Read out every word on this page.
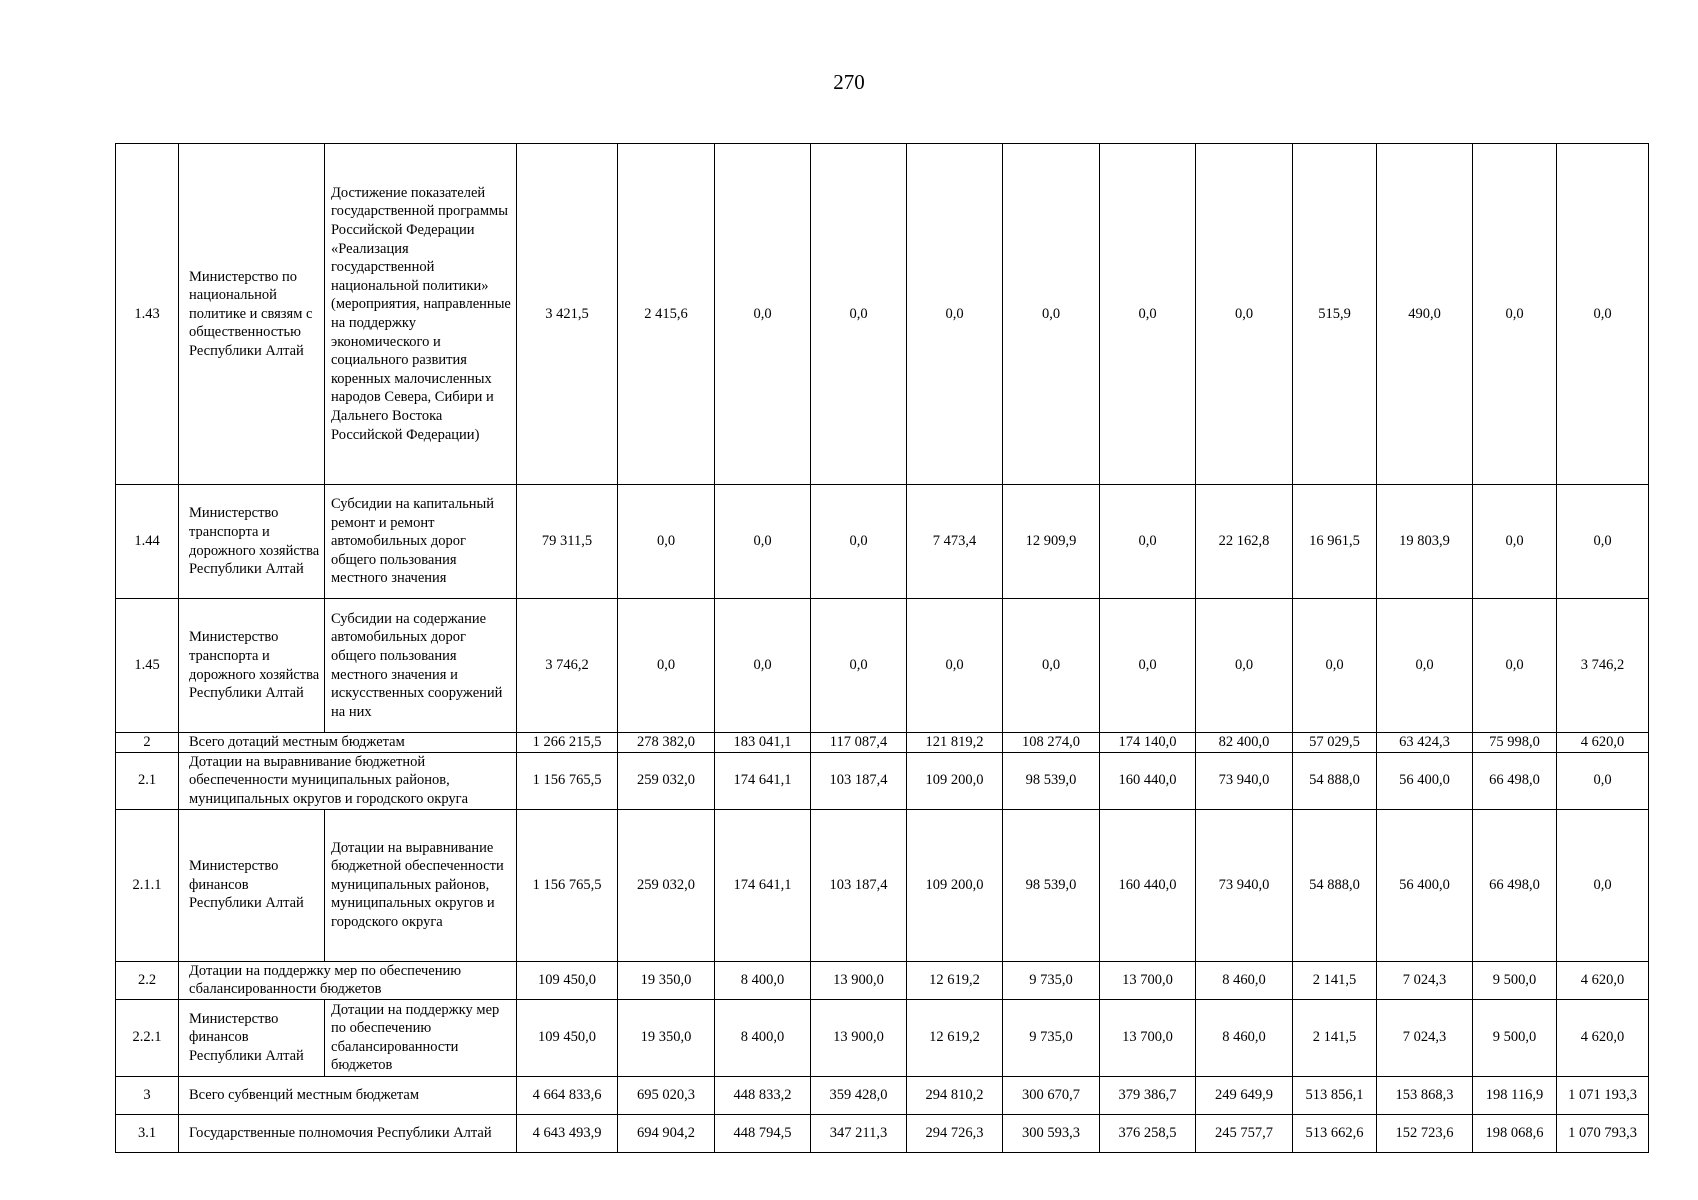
270
1.43	Министерство по национальной политике и связям с общественностью Республики Алтай	Достижение показателей государственной программы Российской Федерации «Реализация государственной национальной политики» (мероприятия, направленные на поддержку экономического и социального развития коренных малочисленных народов Севера, Сибири и Дальнего Востока Российской Федерации)	3 421,5	2 415,6	0,0	0,0	0,0	0,0	0,0	0,0	515,9	490,0	0,0	0,0
1.44	Министерство транспорта и дорожного хозяйства Республики Алтай	Субсидии на капитальный ремонт и ремонт автомобильных дорог общего пользования местного значения	79 311,5	0,0	0,0	0,0	7 473,4	12 909,9	0,0	22 162,8	16 961,5	19 803,9	0,0	0,0
1.45	Министерство транспорта и дорожного хозяйства Республики Алтай	Субсидии на содержание автомобильных дорог общего пользования местного значения и искусственных сооружений на них	3 746,2	0,0	0,0	0,0	0,0	0,0	0,0	0,0	0,0	0,0	0,0	3 746,2
2	Всего дотаций местным бюджетам		1 266 215,5	278 382,0	183 041,1	117 087,4	121 819,2	108 274,0	174 140,0	82 400,0	57 029,5	63 424,3	75 998,0	4 620,0
2.1	Дотации на выравнивание бюджетной обеспеченности муниципальных районов, муниципальных округов и городского округа		1 156 765,5	259 032,0	174 641,1	103 187,4	109 200,0	98 539,0	160 440,0	73 940,0	54 888,0	56 400,0	66 498,0	0,0
2.1.1	Министерство финансов Республики Алтай	Дотации на выравнивание бюджетной обеспеченности муниципальных районов, муниципальных округов и городского округа	1 156 765,5	259 032,0	174 641,1	103 187,4	109 200,0	98 539,0	160 440,0	73 940,0	54 888,0	56 400,0	66 498,0	0,0
2.2	Дотации на поддержку мер по обеспечению сбалансированности бюджетов		109 450,0	19 350,0	8 400,0	13 900,0	12 619,2	9 735,0	13 700,0	8 460,0	2 141,5	7 024,3	9 500,0	4 620,0
2.2.1	Министерство финансов Республики Алтай	Дотации на поддержку мер по обеспечению сбалансированности бюджетов	109 450,0	19 350,0	8 400,0	13 900,0	12 619,2	9 735,0	13 700,0	8 460,0	2 141,5	7 024,3	9 500,0	4 620,0
3	Всего субвенций местным бюджетам		4 664 833,6	695 020,3	448 833,2	359 428,0	294 810,2	300 670,7	379 386,7	249 649,9	513 856,1	153 868,3	198 116,9	1 071 193,3
3.1	Государственные полномочия Республики Алтай		4 643 493,9	694 904,2	448 794,5	347 211,3	294 726,3	300 593,3	376 258,5	245 757,7	513 662,6	152 723,6	198 068,6	1 070 793,3
